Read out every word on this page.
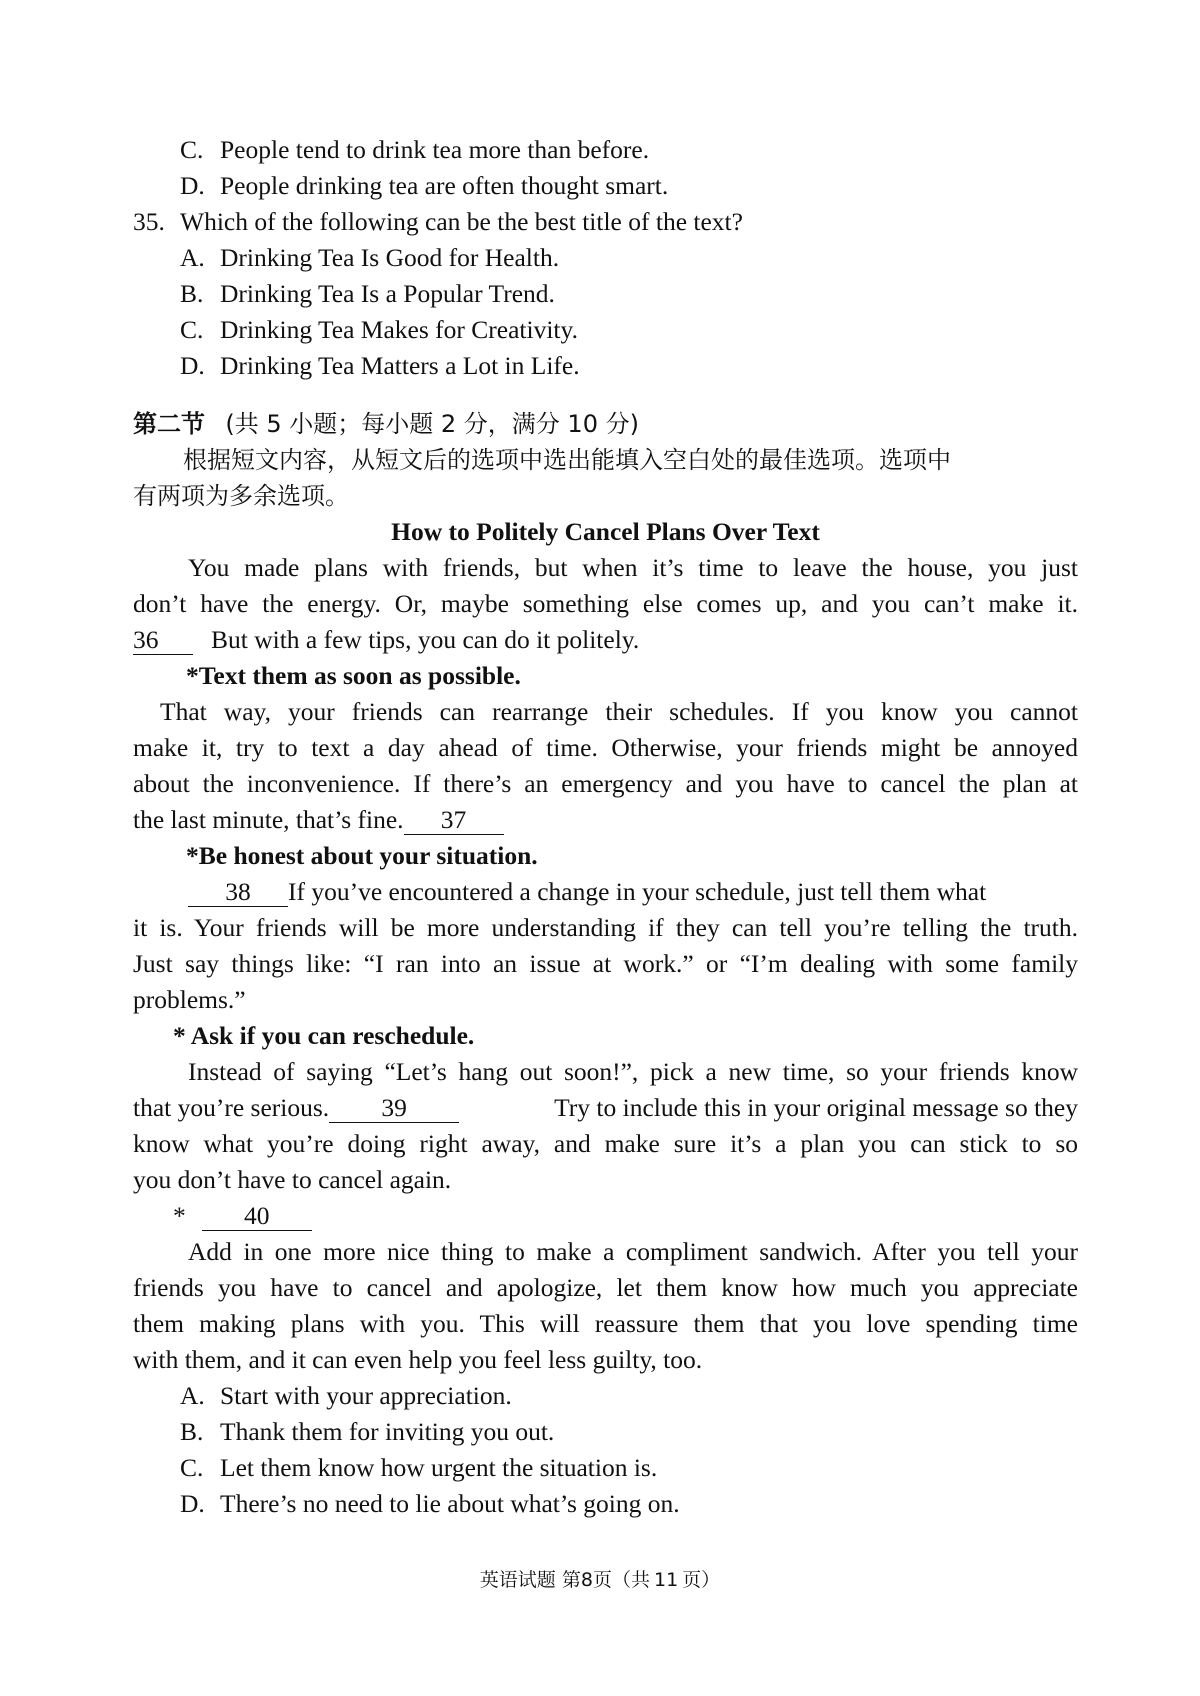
C. People tend to drink tea more than before.
D. People drinking tea are often thought smart.
35. Which of the following can be the best title of the text?
A. Drinking Tea Is Good for Health.
B. Drinking Tea Is a Popular Trend.
C. Drinking Tea Makes for Creativity.
D. Drinking Tea Matters a Lot in Life.
第二节 (共 5 小题；每小题 2 分，满分 10 分)
根据短文内容，从短文后的选项中选出能填入空白处的最佳选项。选项中
有两项为多余选项。
How to Politely Cancel Plans Over Text
You made plans with friends, but when it’s time to leave the house, you just
don’t have the energy. Or, maybe something else comes up, and you can’t make it.
36 But with a few tips, you can do it politely.
*Text them as soon as possible.
That way, your friends can rearrange their schedules. If you know you cannot
make it, try to text a day ahead of time. Otherwise, your friends might be annoyed
about the inconvenience. If there’s an emergency and you have to cancel the plan at
the last minute, that’s fine. 37
*Be honest about your situation.
38 If you’ve encountered a change in your schedule, just tell them what
it is. Your friends will be more understanding if they can tell you’re telling the truth.
Just say things like: “I ran into an issue at work.” or “I’m dealing with some family
problems.”
* Ask if you can reschedule.
Instead of saying “Let’s hang out soon!”, pick a new time, so your friends know
that you’re serious. 39	Try to include this in your original message so they
know what you’re doing right away, and make sure it’s a plan you can stick to so
you don’t have to cancel again.
* 40
Add in one more nice thing to make a compliment sandwich. After you tell your
friends you have to cancel and apologize, let them know how much you appreciate
them making plans with you. This will reassure them that you love spending time
with them, and it can even help you feel less guilty, too.
A. Start with your appreciation.
B. Thank them for inviting you out.
C. Let them know how urgent the situation is.
D. There’s no need to lie about what’s going on.
英语试题 第8页（共 11 页）
